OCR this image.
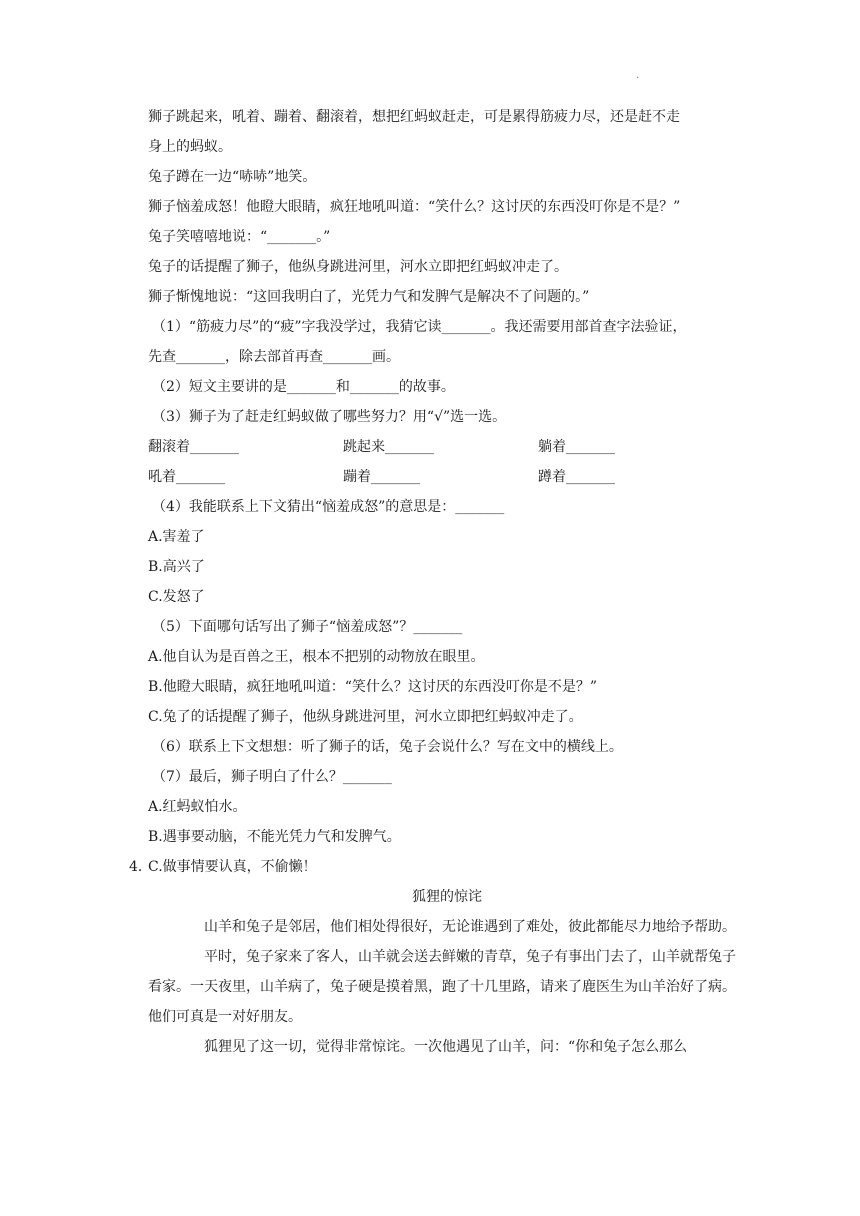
.
狮子跳起来，吼着、蹦着、翻滚着，想把红蚂蚁赶走，可是累得筋疲力尽，还是赶不走
身上的蚂蚁。
兔子蹲在一边“哧哧”地笑。
狮子恼羞成怒！他瞪大眼睛，疯狂地吼叫道：“笑什么？这讨厌的东西没叮你是不是？”
兔子笑嘻嘻地说：“_______。”
兔子的话提醒了狮子，他纵身跳进河里，河水立即把红蚂蚁冲走了。
狮子惭愧地说：“这回我明白了，光凭力气和发脾气是解决不了问题的。”
（1）“筋疲力尽”的“疲”字我没学过，我猜它读_______。我还需要用部首查字法验证，
先查_______，除去部首再查_______画。
（2）短文主要讲的是_______和_______的故事。
（3）狮子为了赶走红蚂蚁做了哪些努力？用“√”选一选。
翻滚着_______	跳起来_______	躺着_______
吼着_______	蹦着_______	蹲着_______
（4）我能联系上下文猜出“恼羞成怒”的意思是：_______
A.害羞了
B.高兴了
C.发怒了
（5）下面哪句话写出了狮子“恼羞成怒”？_______
A.他自认为是百兽之王，根本不把别的动物放在眼里。
B.他瞪大眼睛，疯狂地吼叫道：“笑什么？这讨厌的东西没叮你是不是？”
C.兔了的话提醒了狮子，他纵身跳进河里，河水立即把红蚂蚁冲走了。
（6）联系上下文想想：听了狮子的话，兔子会说什么？写在文中的横线上。
（7）最后，狮子明白了什么？_______
A.红蚂蚁怕水。
B.遇事要动脑，不能光凭力气和发脾气。
C.做事情要认真，不偷懒！
4．
狐狸的惊诧

山羊和兔子是邻居，他们相处得很好，无论谁遇到了难处，彼此都能尽力地给予帮助。

平时，兔子家来了客人，山羊就会送去鲜嫩的青草，兔子有事出门去了，山羊就帮兔子看家。一天夜里，山羊病了，兔子硬是摸着黑，跑了十几里路，请来了鹿医生为山羊治好了病。他们可真是一对好朋友。

狐狸见了这一切，觉得非常惊诧。一次他遇见了山羊，问：“你和兔子怎么那么
